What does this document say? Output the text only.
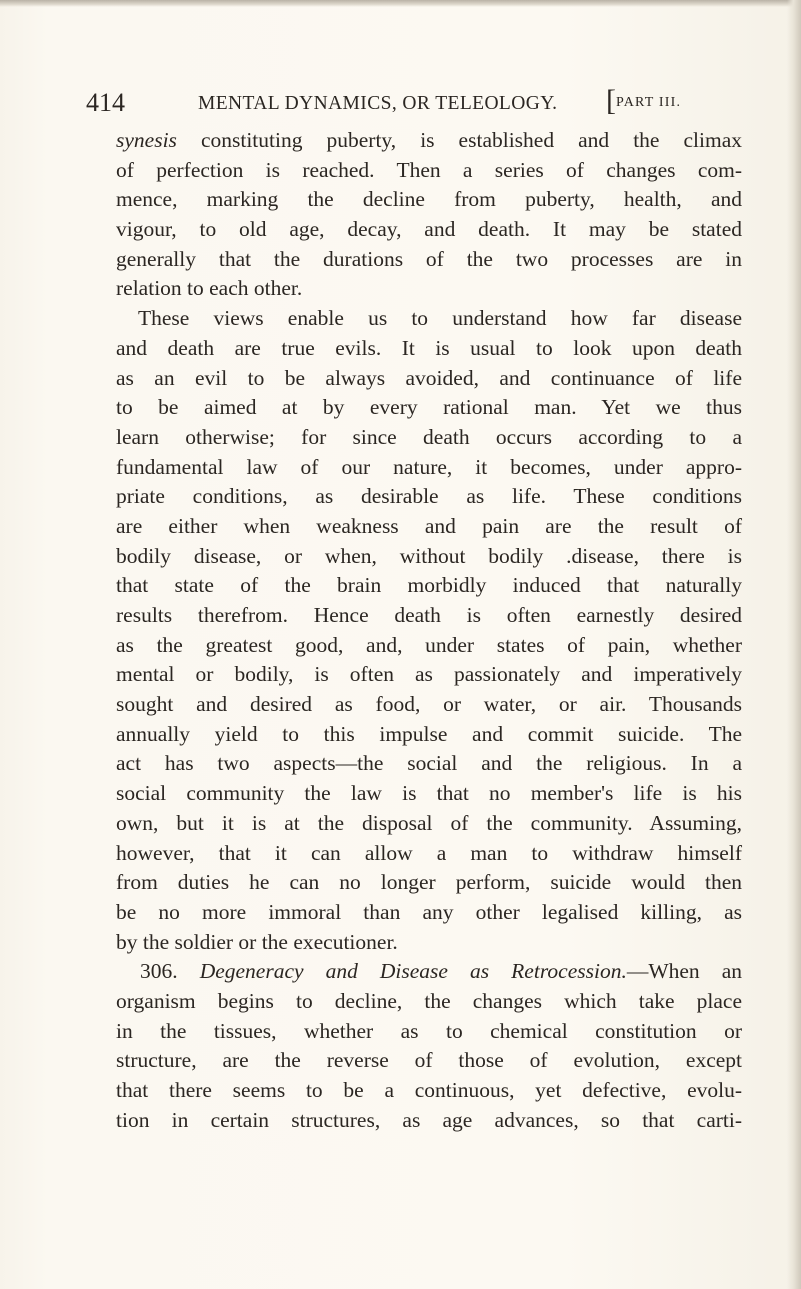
414	MENTAL DYNAMICS, OR TELEOLOGY. [PART III.
synesis constituting puberty, is established and the climax
of perfection is reached. Then a series of changes com-
mence, marking the decline from puberty, health, and
vigour, to old age, decay, and death. It may be stated
generally that the durations of the two processes are in
relation to each other.
These views enable us to understand how far disease
and death are true evils. It is usual to look upon death
as an evil to be always avoided, and continuance of life
to be aimed at by every rational man. Yet we thus
learn otherwise; for since death occurs according to a
fundamental law of our nature, it becomes, under appro-
priate conditions, as desirable as life. These conditions
are either when weakness and pain are the result of
bodily disease, or when, without bodily .disease, there is
that state of the brain morbidly induced that naturally
results therefrom. Hence death is often earnestly desired
as the greatest good, and, under states of pain, whether
mental or bodily, is often as passionately and imperatively
sought and desired as food, or water, or air. Thousands
annually yield to this impulse and commit suicide. The
act has two aspects—the social and the religious. In a
social community the law is that no member's life is his
own, but it is at the disposal of the community. Assuming,
however, that it can allow a man to withdraw himself
from duties he can no longer perform, suicide would then
be no more immoral than any other legalised killing, as
by the soldier or the executioner.
306. Degeneracy and Disease as Retrocession.—When an
organism begins to decline, the changes which take place
in the tissues, whether as to chemical constitution or
structure, are the reverse of those of evolution, except
that there seems to be a continuous, yet defective, evolu-
tion in certain structures, as age advances, so that carti-
